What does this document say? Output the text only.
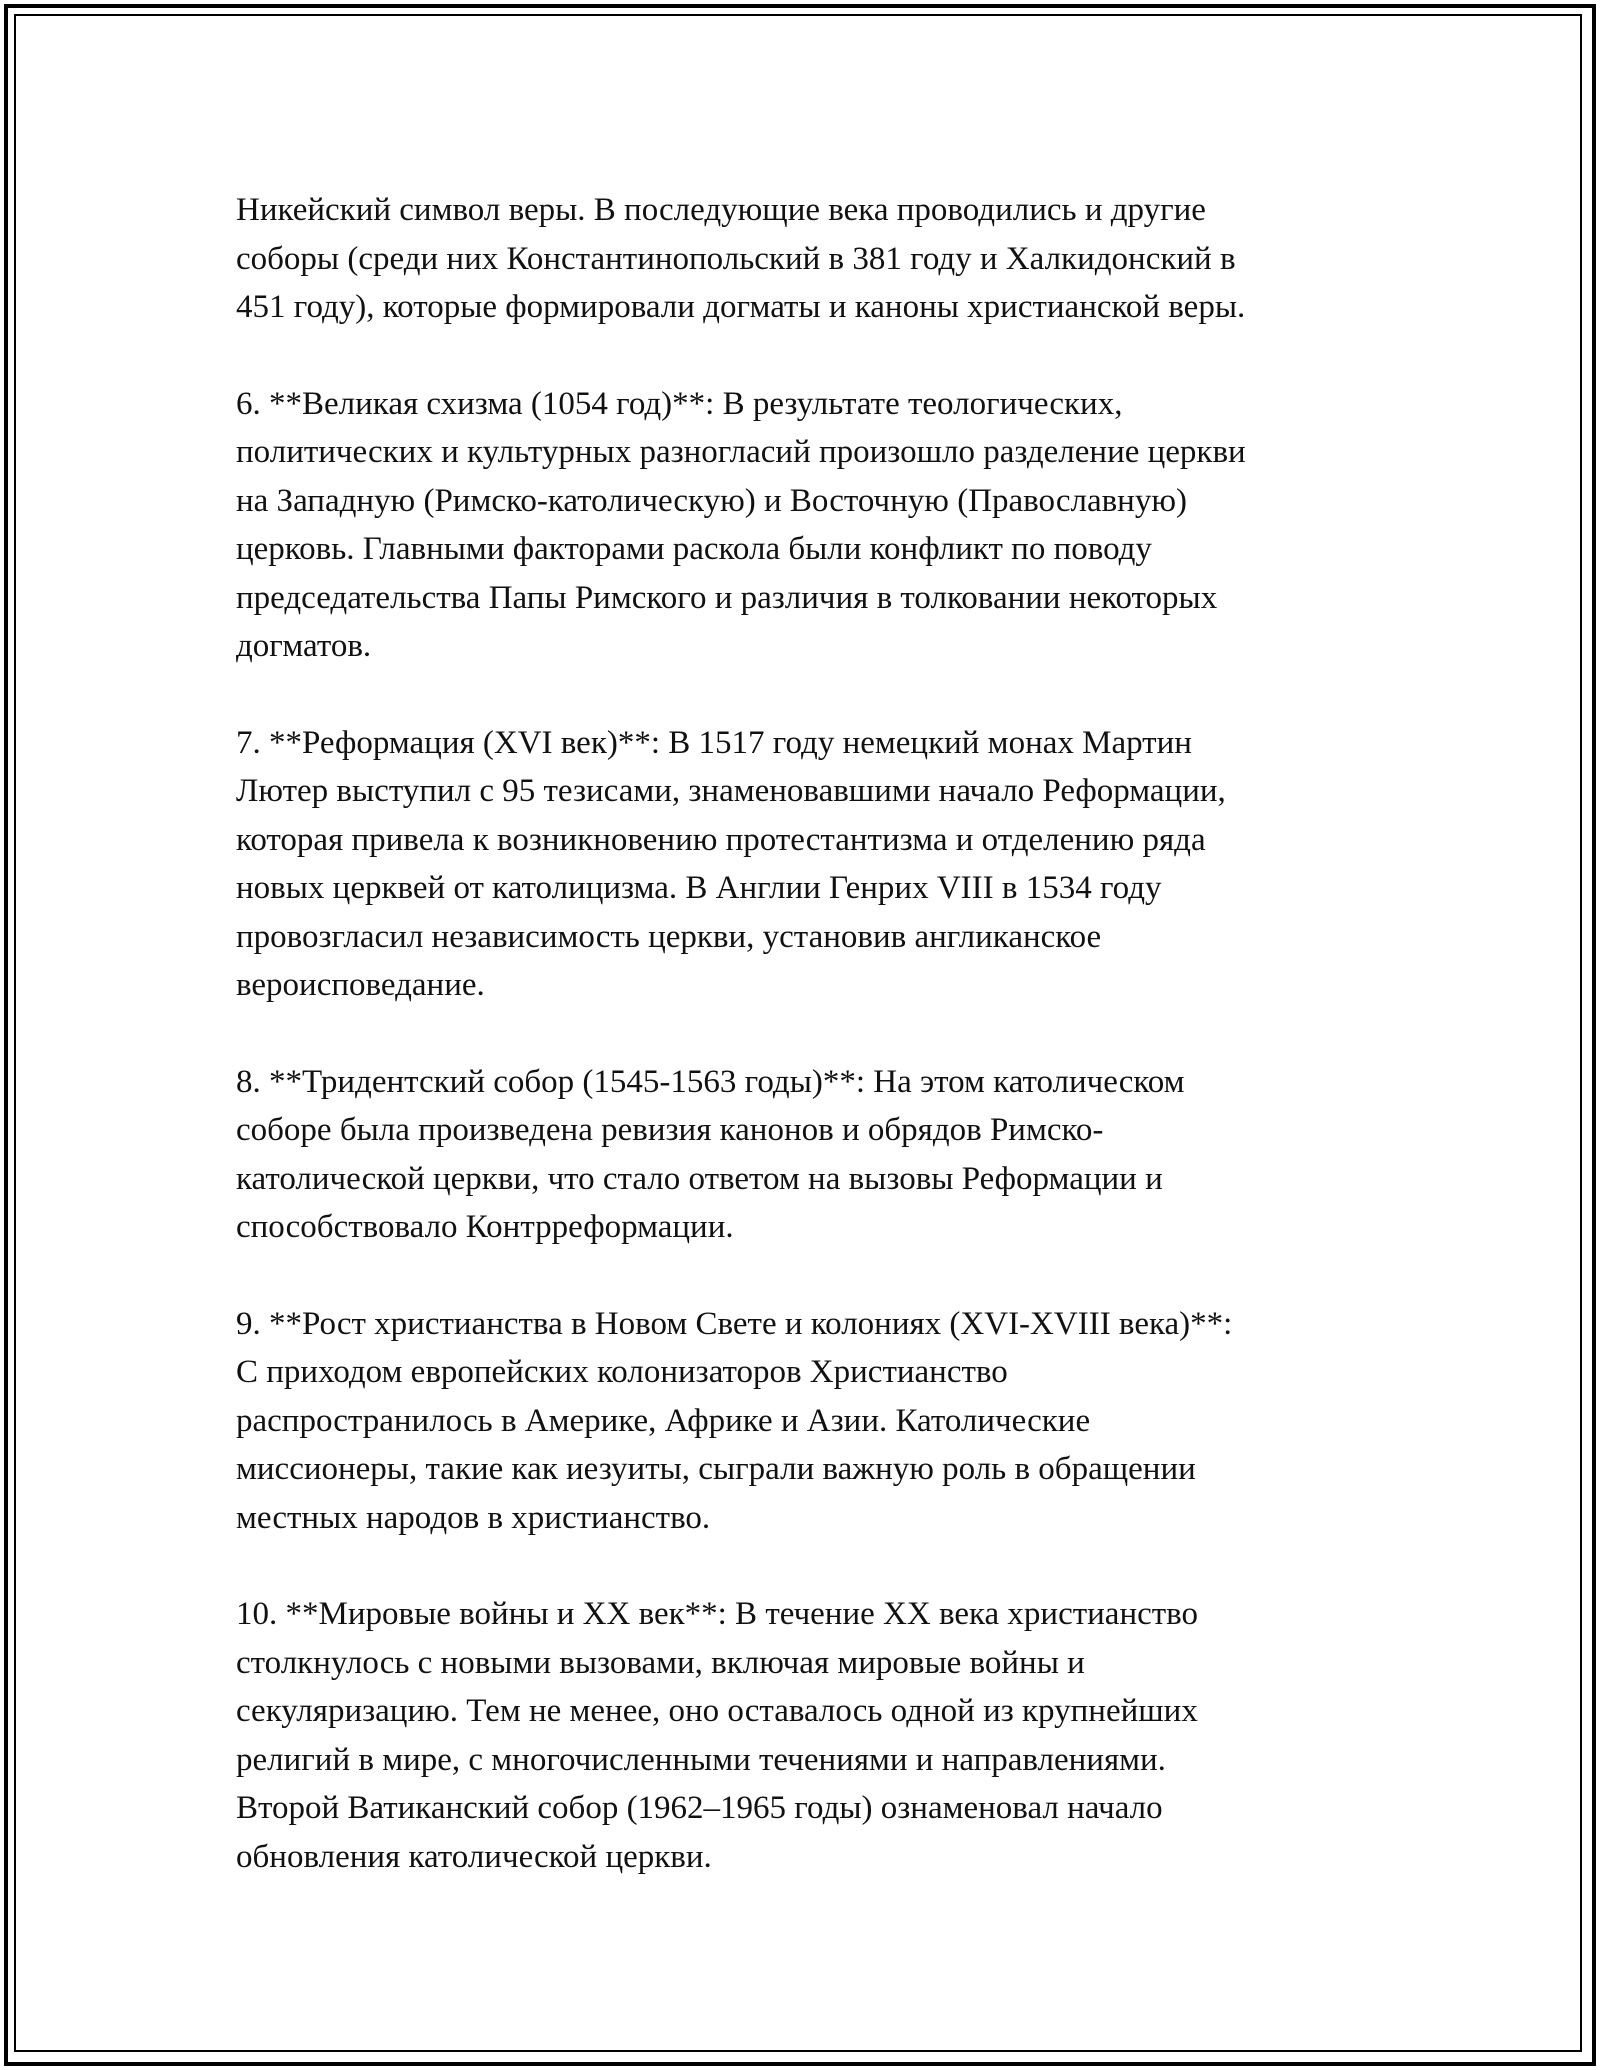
Никейский символ веры. В последующие века проводились и другие
соборы (среди них Константинопольский в 381 году и Халкидонский в
451 году), которые формировали догматы и каноны христианской веры.

6. **Великая схизма (1054 год)**: В результате теологических,
политических и культурных разногласий произошло разделение церкви
на Западную (Римско-католическую) и Восточную (Православную)
церковь. Главными факторами раскола были конфликт по поводу
председательства Папы Римского и различия в толковании некоторых
догматов.

7. **Реформация (XVI век)**: В 1517 году немецкий монах Мартин
Лютер выступил с 95 тезисами, знаменовавшими начало Реформации,
которая привела к возникновению протестантизма и отделению ряда
новых церквей от католицизма. В Англии Генрих VIII в 1534 году
провозгласил независимость церкви, установив англиканское
вероисповедание.

8. **Тридентский собор (1545-1563 годы)**: На этом католическом
соборе была произведена ревизия канонов и обрядов Римско-
католической церкви, что стало ответом на вызовы Реформации и
способствовало Контрреформации.

9. **Рост христианства в Новом Свете и колониях (XVI-XVIII века)**:
С приходом европейских колонизаторов Христианство
распространилось в Америке, Африке и Азии. Католические
миссионеры, такие как иезуиты, сыграли важную роль в обращении
местных народов в христианство.

10. **Мировые войны и XX век**: В течение XX века христианство
столкнулось с новыми вызовами, включая мировые войны и
секуляризацию. Тем не менее, оно оставалось одной из крупнейших
религий в мире, с многочисленными течениями и направлениями.
Второй Ватиканский собор (1962–1965 годы) ознаменовал начало
обновления католической церкви.
